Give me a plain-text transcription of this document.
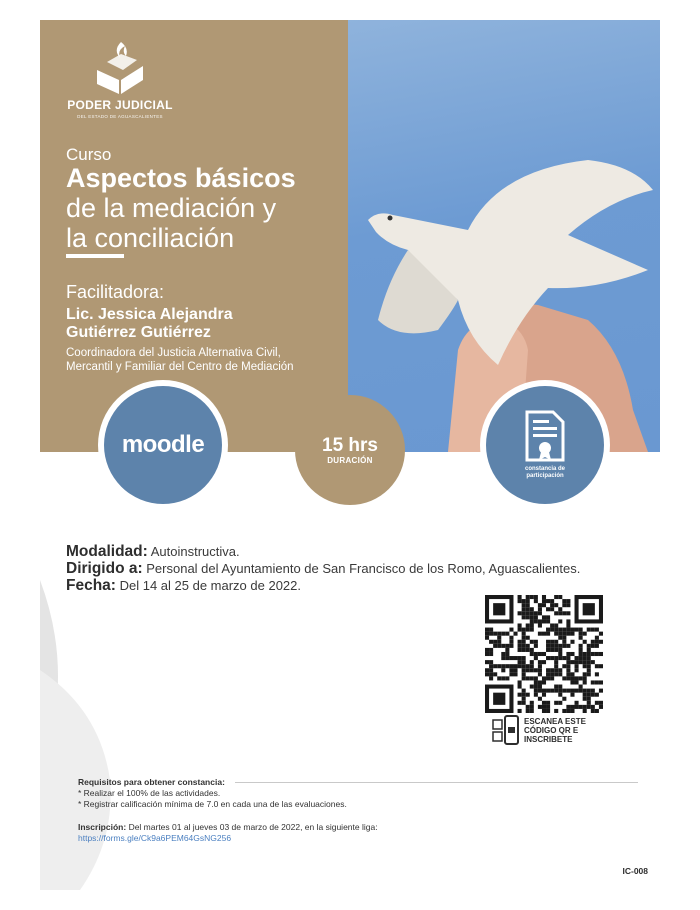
PODER JUDICIAL
DEL ESTADO DE AGUASCALIENTES
Curso
Aspectos básicos
de la mediación y
la conciliación
Facilitadora:
Lic. Jessica Alejandra
Gutiérrez Gutiérrez
Coordinadora del Justicia Alternativa Civil,
Mercantil y Familiar del Centro de Mediación
moodle	15 hrs
DURACIÓN
constancia de participación
Modalidad: Autoinstructiva.
Dirigido a: Personal del Ayuntamiento de San Francisco de los Romo, Aguascalientes.
Fecha: Del 14 al 25 de marzo de 2022.
ESCANEA ESTE CÓDIGO QR E INSCRIBETE
Requisitos para obtener constancia:
* Realizar el 100% de las actividades.
* Registrar calificación mínima de 7.0 en cada una de las evaluaciones.
Inscripción: Del martes 01 al jueves 03 de marzo de 2022, en la siguiente liga:
https://forms.gle/Ck9a6PEM64GsNG256
IC-008
